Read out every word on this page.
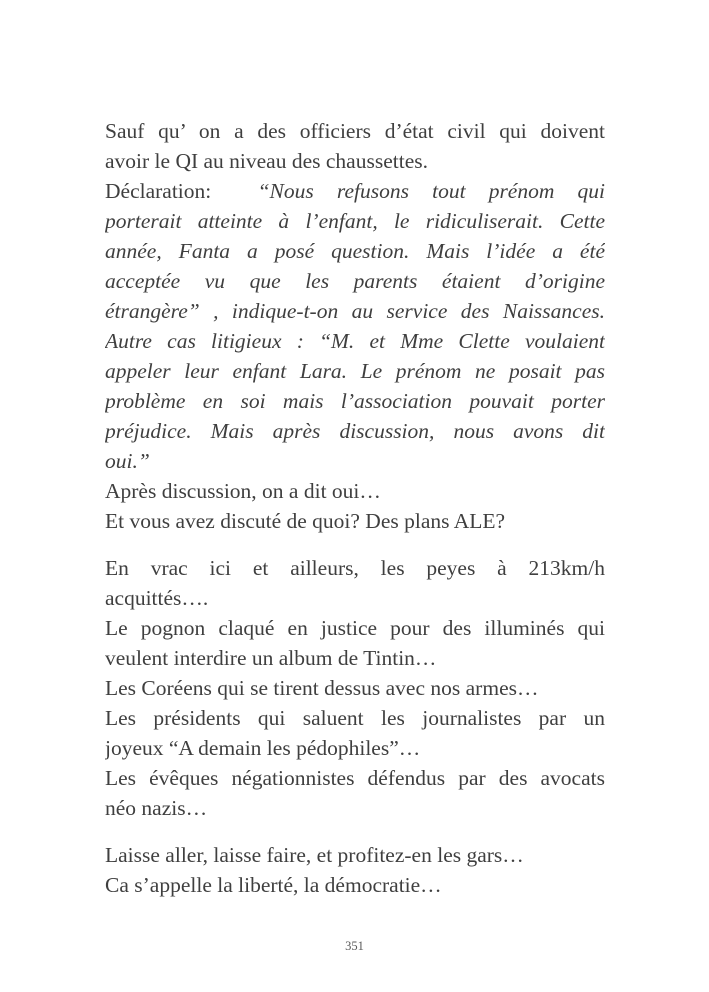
Sauf qu’ on a des officiers d’état civil qui doivent
avoir le QI au niveau des chaussettes.
Déclaration:  “Nous refusons tout prénom qui
porterait atteinte à l’enfant, le ridiculiserait. Cette
année, Fanta a posé question. Mais l’idée a été
acceptée vu que les parents étaient d’origine
étrangère” , indique-t-on au service des Naissances.
Autre cas litigieux : “M. et Mme Clette voulaient
appeler leur enfant Lara. Le prénom ne posait pas
problème en soi mais l’association pouvait porter
préjudice. Mais après discussion, nous avons dit
oui.”
Après discussion, on a dit oui…
Et vous avez discuté de quoi? Des plans ALE?
En vrac ici et ailleurs, les peyes à 213km/h
acquittés….
Le pognon claqué en justice pour des illuminés qui
veulent interdire un album de Tintin…
Les Coréens qui se tirent dessus avec nos armes…
Les présidents qui saluent les journalistes par un
joyeux “A demain les pédophiles”…
Les évêques négationnistes défendus par des avocats
néo nazis…
Laisse aller, laisse faire, et profitez-en les gars…
Ca s’appelle la liberté, la démocratie…
351
